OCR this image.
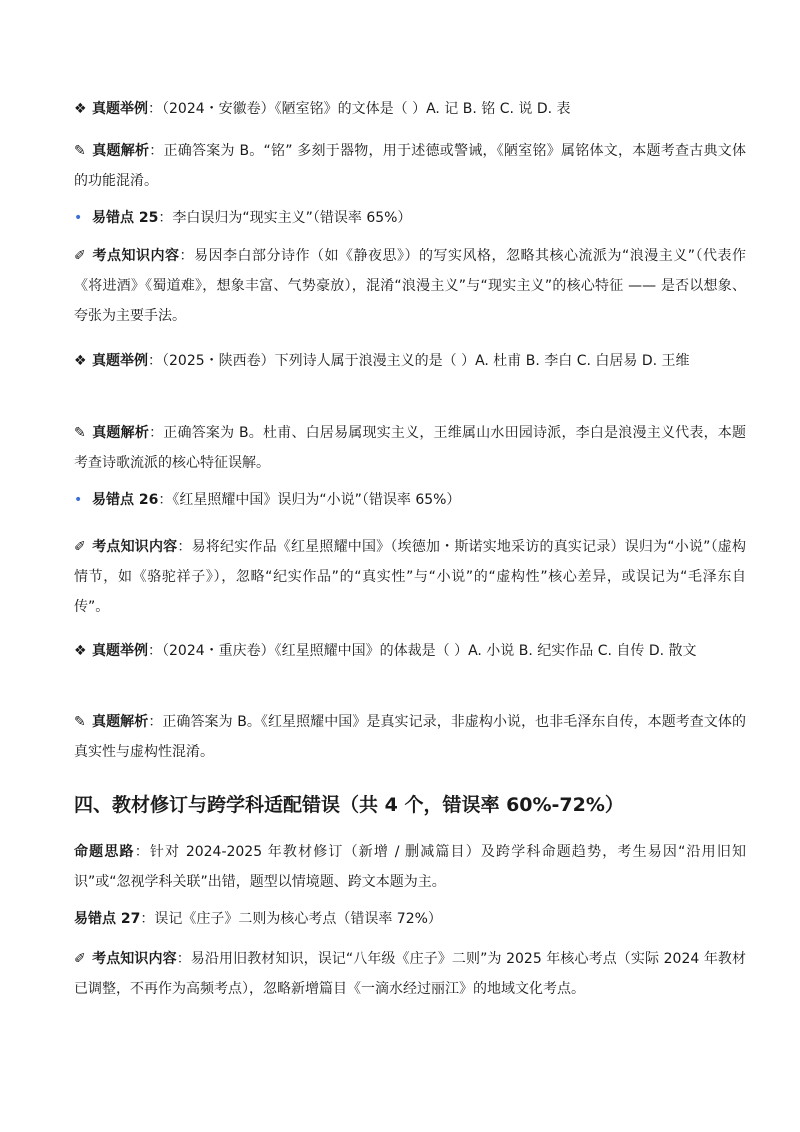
❖ 真题举例：（2024・安徽卷）《陋室铭》的文体是（ ）A. 记 B. 铭 C. 说 D. 表
✎ 真题解析：正确答案为 B。“铭” 多刻于器物，用于述德或警诫，《陋室铭》属铭体文，本题考查古典文体的功能混淆。
• 易错点 25：李白误归为“现实主义”（错误率 65%）
✐ 考点知识内容：易因李白部分诗作（如《静夜思》）的写实风格，忽略其核心流派为“浪漫主义”（代表作《将进酒》《蜀道难》，想象丰富、气势豪放），混淆“浪漫主义”与“现实主义”的核心特征 —— 是否以想象、夸张为主要手法。
❖ 真题举例：（2025・陕西卷）下列诗人属于浪漫主义的是（ ）A. 杜甫 B. 李白 C. 白居易 D. 王维
✎ 真题解析：正确答案为 B。杜甫、白居易属现实主义，王维属山水田园诗派，李白是浪漫主义代表，本题考查诗歌流派的核心特征误解。
• 易错点 26：《红星照耀中国》误归为“小说”（错误率 65%）
✐ 考点知识内容：易将纪实作品《红星照耀中国》（埃德加・斯诺实地采访的真实记录）误归为“小说”（虚构情节，如《骆驼祥子》），忽略“纪实作品”的“真实性”与“小说”的“虚构性”核心差异，或误记为“毛泽东自传”。
❖ 真题举例：（2024・重庆卷）《红星照耀中国》的体裁是（ ）A. 小说 B. 纪实作品 C. 自传 D. 散文
✎ 真题解析：正确答案为 B。《红星照耀中国》是真实记录，非虚构小说，也非毛泽东自传，本题考查文体的真实性与虚构性混淆。
四、教材修订与跨学科适配错误（共 4 个，错误率 60%-72%）
命题思路：针对 2024-2025 年教材修订（新增 / 删减篇目）及跨学科命题趋势，考生易因“沿用旧知识”或“忽视学科关联”出错，题型以情境题、跨文本题为主。
易错点 27：误记《庄子》二则为核心考点（错误率 72%）
✐ 考点知识内容：易沿用旧教材知识，误记“八年级《庄子》二则”为 2025 年核心考点（实际 2024 年教材已调整，不再作为高频考点），忽略新增篇目《一滴水经过丽江》的地域文化考点。
